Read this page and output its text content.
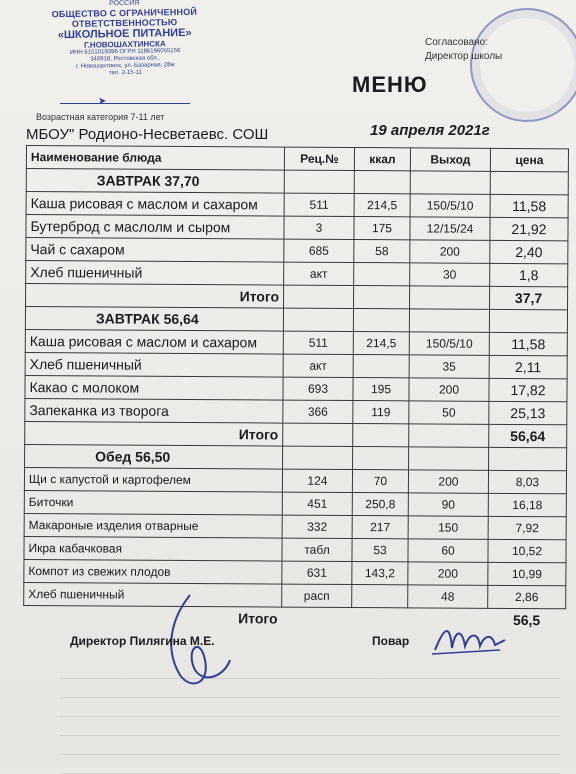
РОССИЯ
ОБЩЕСТВО С ОГРАНИЧЕННОЙ
ОТВЕТСТВЕННОСТЬЮ
«ШКОЛЬНОЕ ПИТАНИЕ»
Г.НОВОШАХТИНСКА
ИНН 6151019396 ОГРН 1186196055156
346918, Ростовская обл.,
г. Новошахтинск, ул. Базарная, 28ж
тел. 2-15-11
➤
Согласовано:
Директор школы
МЕНЮ
Возрастная категория 7-11 лет
МБОУ" Родионо-Несветаевс. СОШ	19 апреля 2021г
Наименование блюда	Рец.№	ккал	Выход	цена
ЗАВТРАК 37,70				
Каша рисовая с маслом и сахаром	511	214,5	150/5/10	11,58
Бутерброд с маслолм и сыром	3	175	12/15/24	21,92
Чай с сахаром	685	58	200	2,40
Хлеб пшеничный	акт		30	1,8
Итого				37,7
ЗАВТРАК 56,64				
Каша рисовая с маслом и сахаром	511	214,5	150/5/10	11,58
Хлеб пшеничный	акт		35	2,11
Какао с молоком	693	195	200	17,82
Запеканка из творога	366	119	50	25,13
Итого				56,64
Обед 56,50				
Щи с капустой и картофелем	124	70	200	8,03
Биточки	451	250,8	90	16,18
Макароные изделия отварные	332	217	150	7,92
Икра кабачковая	табл	53	60	10,52
Компот из свежих плодов	631	143,2	200	10,99
Хлеб пшеничный	расп		48	2,86
Итого				56,5
Директор Пилягина М.Е.	Повар
